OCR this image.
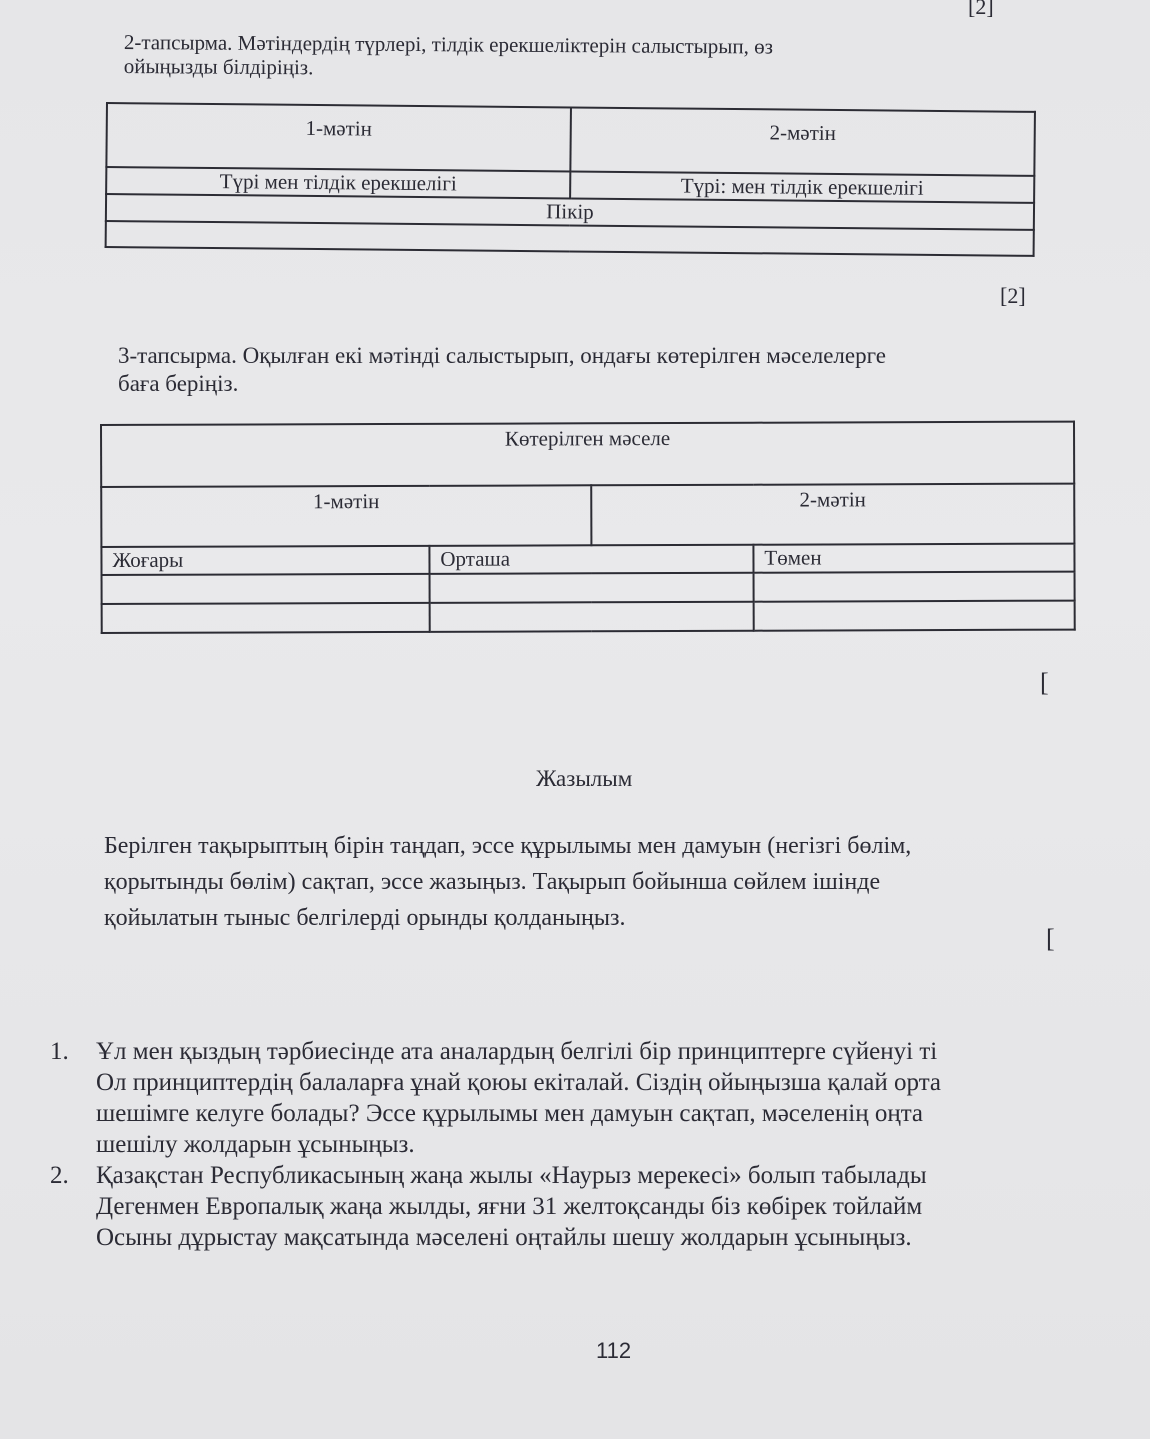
[2]
2-тапсырма. Мәтіндердің түрлері, тілдік ерекшеліктерін салыстырып, өз
ойыңызды білдіріңіз.
1-мәтін	2-мәтін
Түрі мен тілдік ерекшелігі	Түрі: мен тілдік ерекшелігі
Пікір	

[2]
3-тапсырма. Оқылған екі мәтінді салыстырып, ондағы көтерілген мәселелерге
баға беріңіз.
Көтерілген мәселе			
1-мәтін		2-мәтін	
Жоғары	Орташа		Төмен

[
Жазылым
Берілген тақырыптың бірін таңдап, эссе құрылымы мен дамуын (негізгі бөлім,
қорытынды бөлім) сақтап, эссе жазыңыз. Тақырып бойынша сөйлем ішінде
қойылатын тыныс белгілерді орынды қолданыңыз.
[
1. Ұл мен қыздың тәрбиесінде ата аналардың белгілі бір принциптерге сүйенуі ті
Ол принциптердің балаларға ұнай қоюы екіталай. Сіздің ойыңызша қалай орта
шешімге келуге болады? Эссе құрылымы мен дамуын сақтап, мәселенің оңта
шешілу жолдарын ұсыныңыз.
2. Қазақстан Республикасының жаңа жылы «Наурыз мерекесі» болып табылады
Дегенмен Европалық жаңа жылды, яғни 31 желтоқсанды біз көбірек тойлайм
Осыны дұрыстау мақсатында мәселені оңтайлы шешу жолдарын ұсыныңыз.
112
